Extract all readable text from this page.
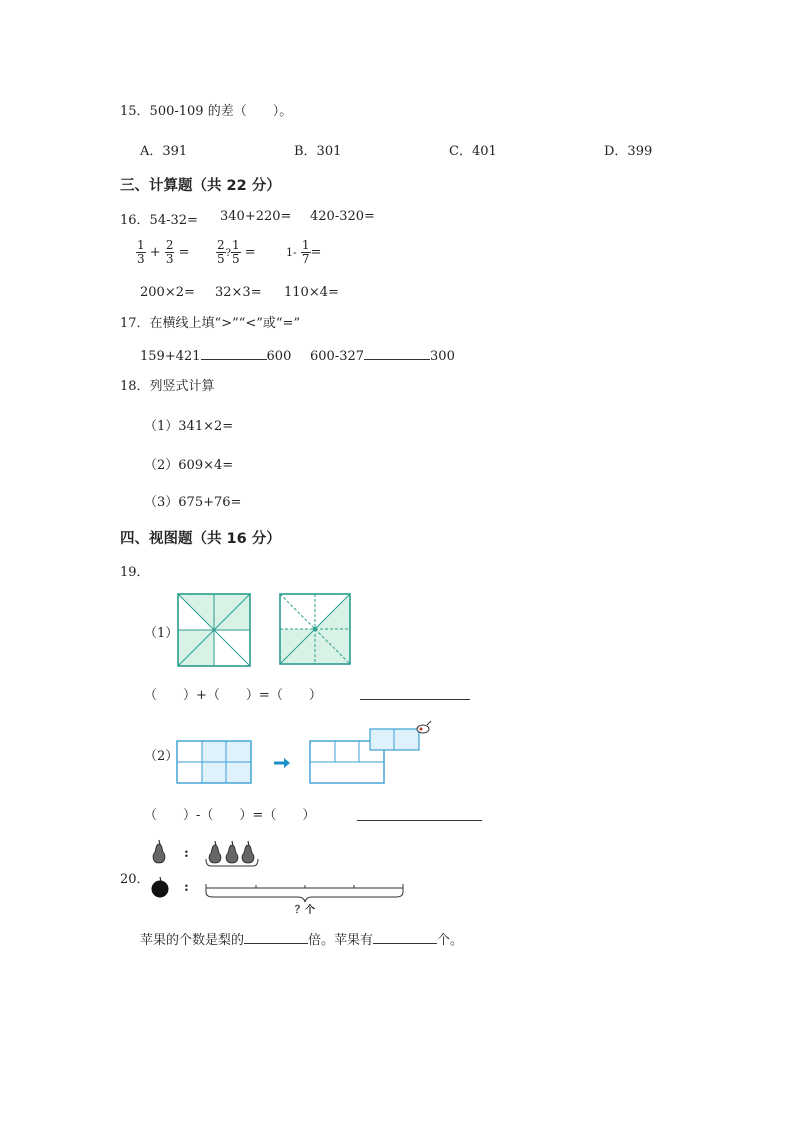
15．500-109 的差（　　）。
A．391	B．301	C．401	D．399
三、计算题（共 22 分）
16．54-32= 340+220= 420-320=
$\frac{1}{3} + \frac{2}{3} = \frac{2}{5}$ ? $\frac{1}{5}$ =	$1- \frac{1}{7}$ =
200×2= 32×3= 110×4=
17．在横线上填“>”“<”或“=”
159+421	600 600-327	300
18．列竖式计算
（1）341×2=
（2）609×4=
（3）675+76=
四、视图题（共 16 分）
19．
（1）
（ ）+（ ）=（ ）
（2）
（ ）-（ ）=（ ）
:
20．
:
？个
苹果的个数是梨的	倍。苹果有	个。
